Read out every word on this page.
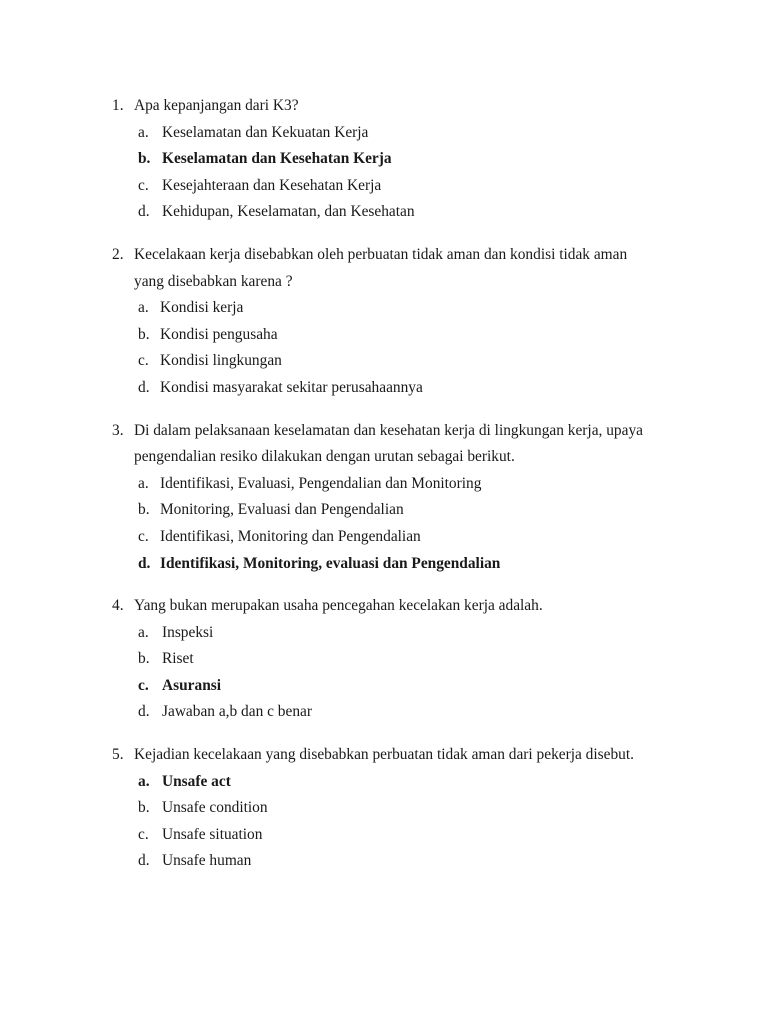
1. Apa kepanjangan dari K3?
a. Keselamatan dan Kekuatan Kerja
b. Keselamatan dan Kesehatan Kerja
c. Kesejahteraan dan Kesehatan Kerja
d. Kehidupan, Keselamatan, dan Kesehatan
2. Kecelakaan kerja disebabkan oleh perbuatan tidak aman dan kondisi tidak aman yang disebabkan karena ?
a. Kondisi kerja
b. Kondisi pengusaha
c. Kondisi lingkungan
d. Kondisi masyarakat sekitar perusahaannya
3. Di dalam pelaksanaan keselamatan dan kesehatan kerja di lingkungan kerja, upaya pengendalian resiko dilakukan dengan urutan sebagai berikut.
a. Identifikasi, Evaluasi, Pengendalian dan Monitoring
b. Monitoring, Evaluasi dan Pengendalian
c. Identifikasi, Monitoring dan Pengendalian
d. Identifikasi, Monitoring, evaluasi dan Pengendalian
4. Yang bukan merupakan usaha pencegahan kecelakan kerja adalah.
a. Inspeksi
b. Riset
c. Asuransi
d. Jawaban a,b dan c benar
5. Kejadian kecelakaan yang disebabkan perbuatan tidak aman dari pekerja disebut.
a. Unsafe act
b. Unsafe condition
c. Unsafe situation
d. Unsafe human
